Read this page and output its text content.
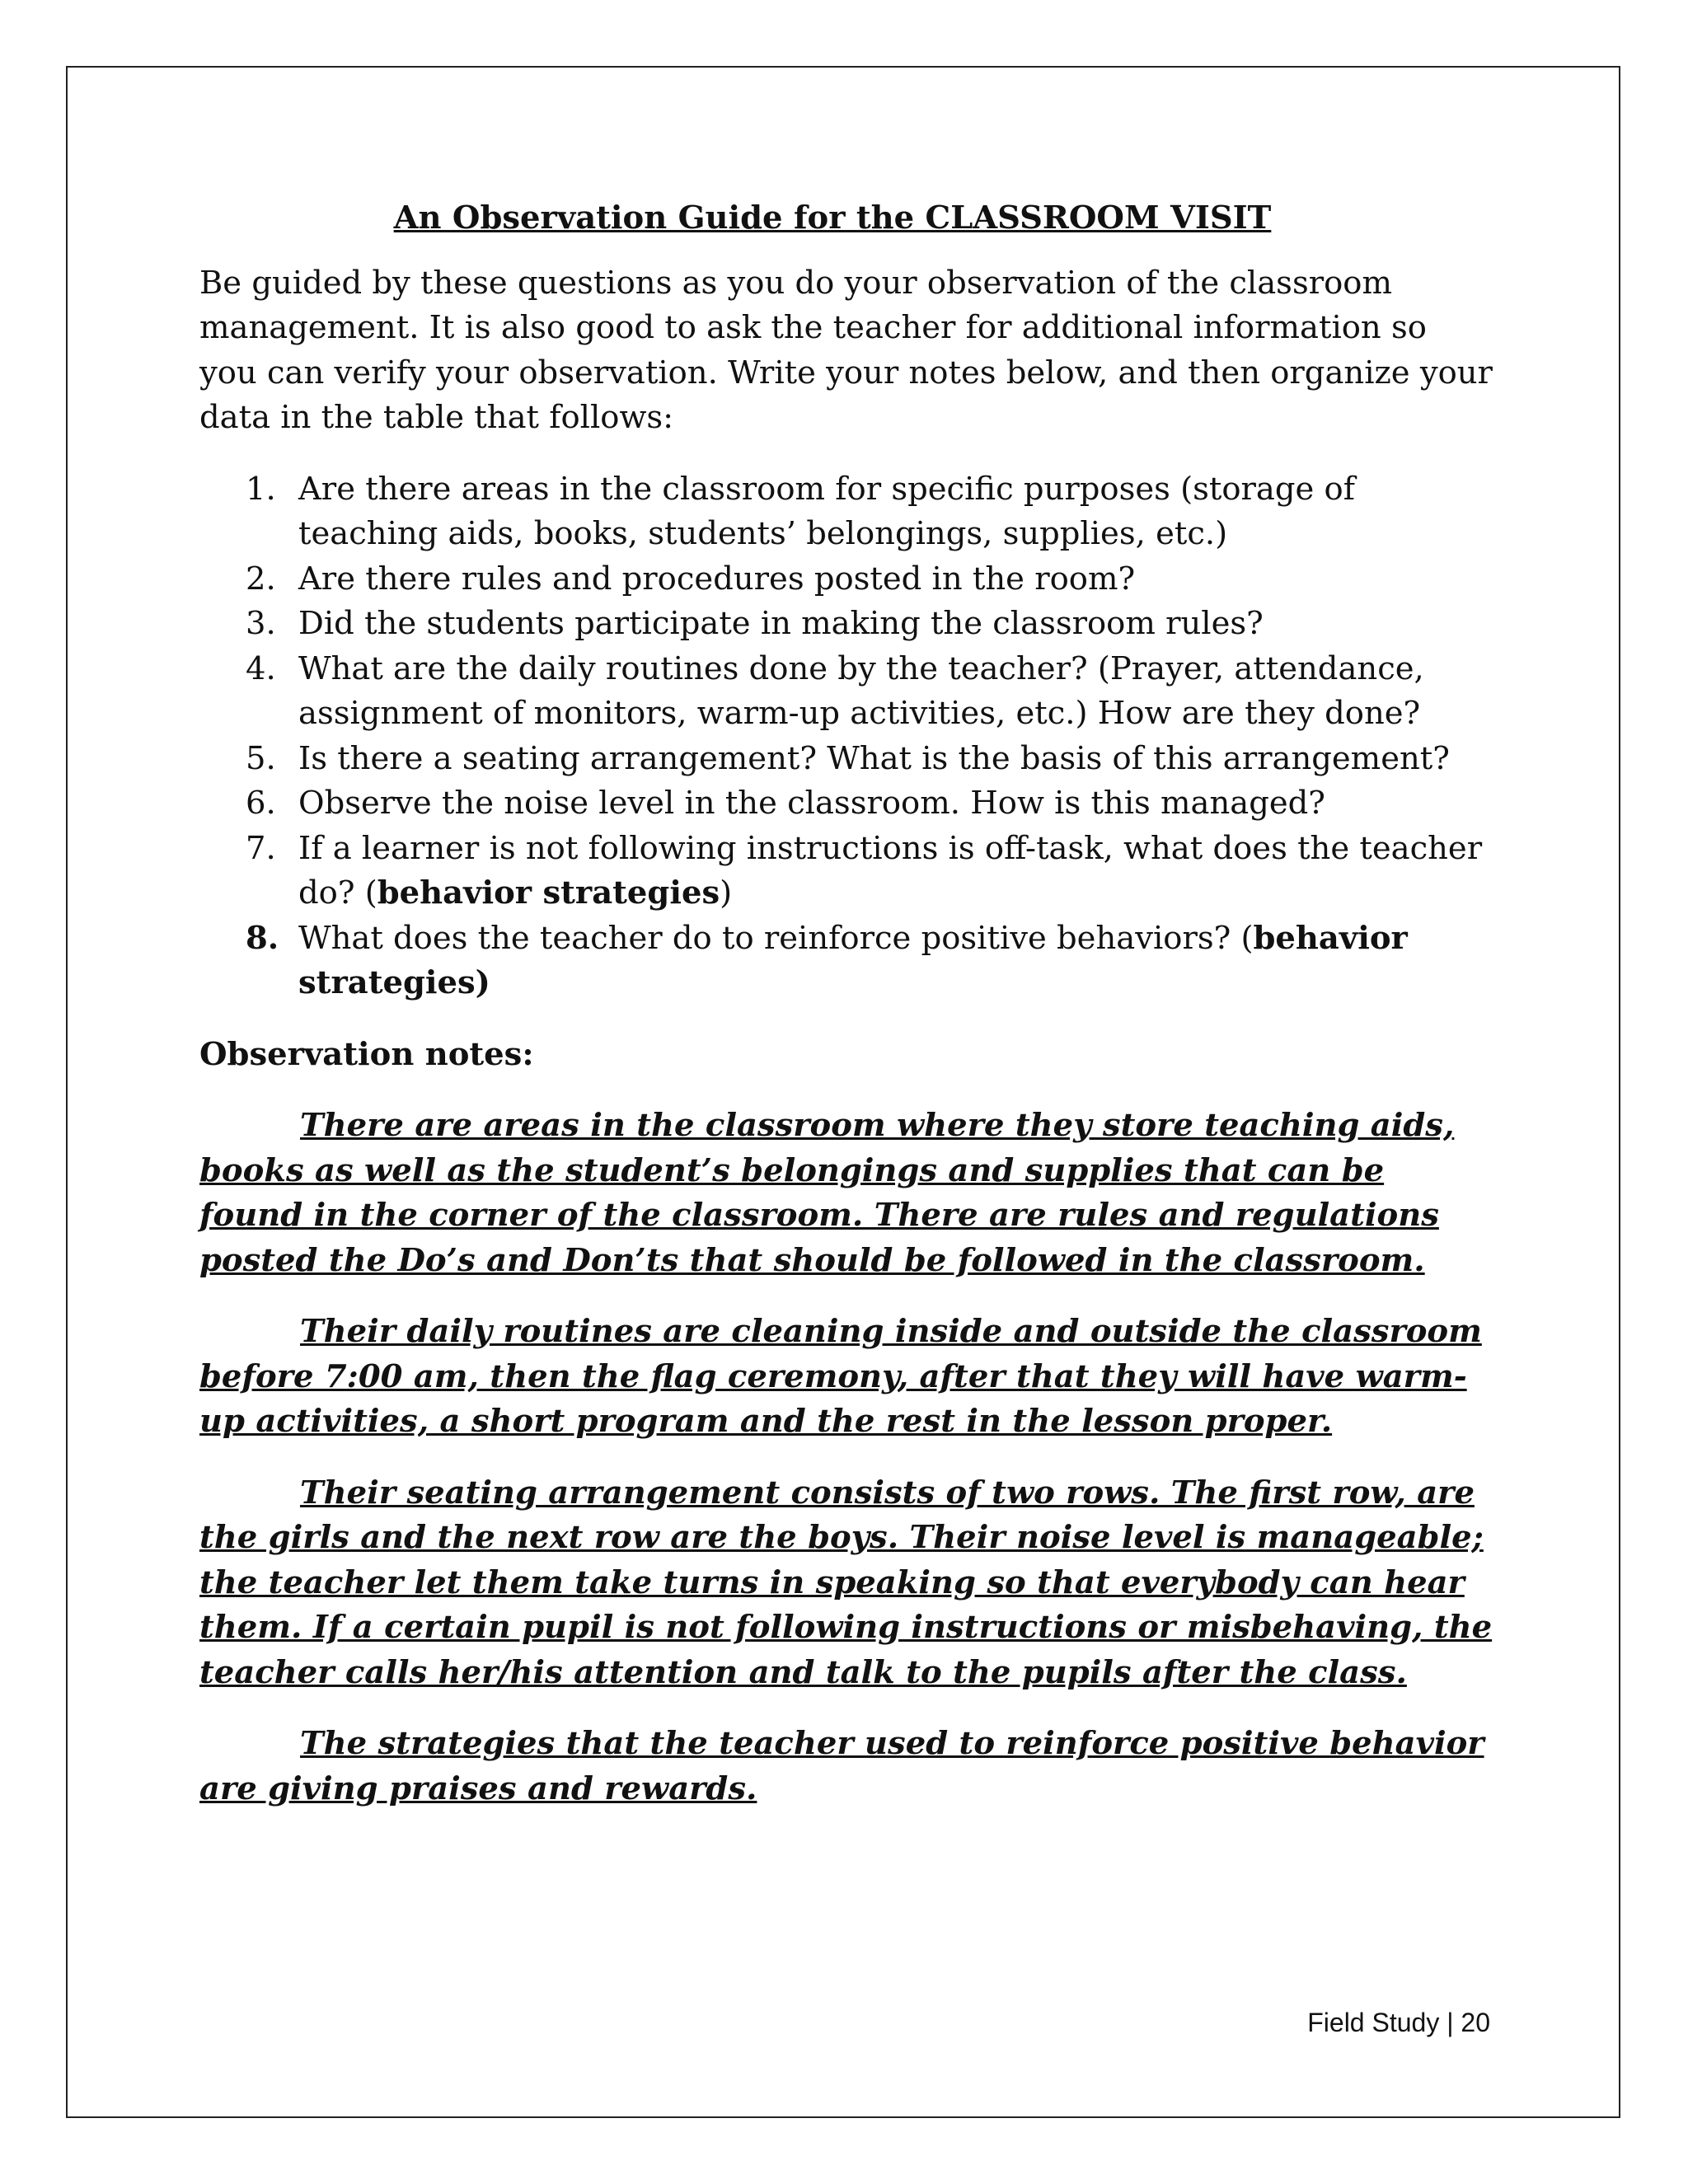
An Observation Guide for the CLASSROOM VISIT
Be guided by these questions as you do your observation of the classroom management. It is also good to ask the teacher for additional information so you can verify your observation. Write your notes below, and then organize your data in the table that follows:
1. Are there areas in the classroom for specific purposes (storage of teaching aids, books, students’ belongings, supplies, etc.)
2. Are there rules and procedures posted in the room?
3. Did the students participate in making the classroom rules?
4. What are the daily routines done by the teacher? (Prayer, attendance, assignment of monitors, warm-up activities, etc.) How are they done?
5. Is there a seating arrangement? What is the basis of this arrangement?
6. Observe the noise level in the classroom. How is this managed?
7. If a learner is not following instructions is off-task, what does the teacher do? (behavior strategies)
8. What does the teacher do to reinforce positive behaviors? (behavior strategies)
Observation notes:

There are areas in the classroom where they store teaching aids, books as well as the student’s belongings and supplies that can be found in the corner of the classroom. There are rules and regulations posted the Do’s and Don’ts that should be followed in the classroom.

Their daily routines are cleaning inside and outside the classroom before 7:00 am, then the flag ceremony, after that they will have warm-up activities, a short program and the rest in the lesson proper.

Their seating arrangement consists of two rows. The first row, are the girls and the next row are the boys. Their noise level is manageable; the teacher let them take turns in speaking so that everybody can hear them. If a certain pupil is not following instructions or misbehaving, the teacher calls her/his attention and talk to the pupils after the class.

The strategies that the teacher used to reinforce positive behavior are giving praises and rewards.

Field Study | 20
